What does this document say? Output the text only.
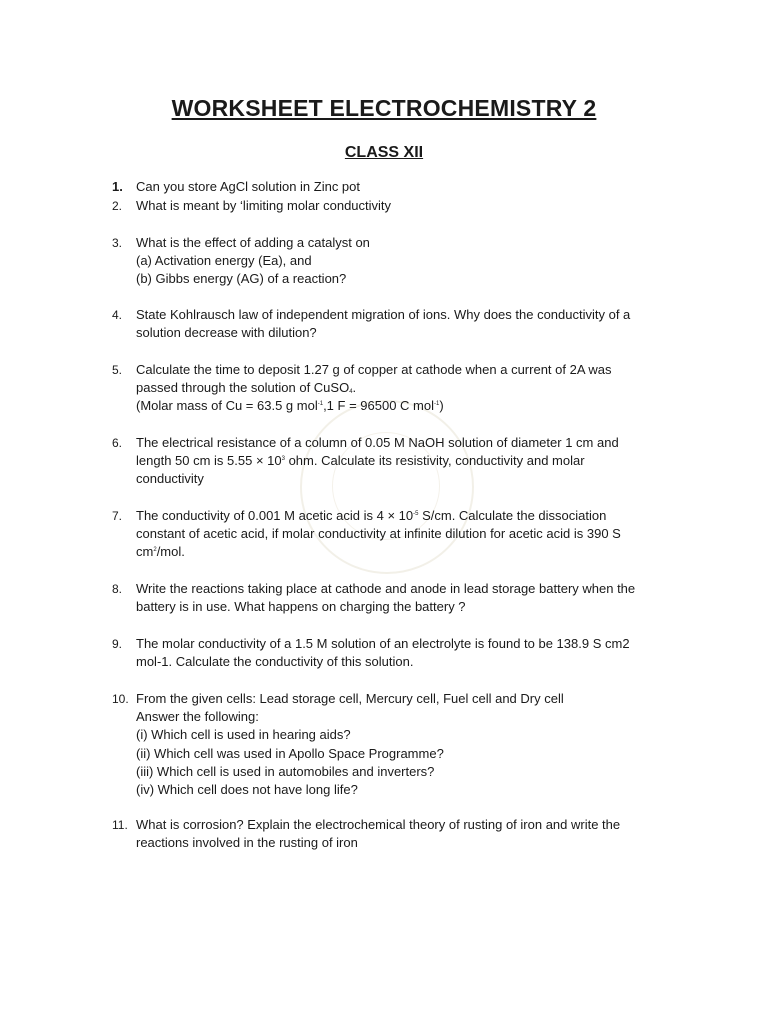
WORKSHEET ELECTROCHEMISTRY 2
CLASS XII
1. Can you store AgCl solution in Zinc pot
2. What is meant by ‘limiting molar conductivity
3. What is the effect of adding a catalyst on
(a) Activation energy (Ea), and
(b) Gibbs energy (AG) of a reaction?
4. State Kohlrausch law of independent migration of ions. Why does the conductivity of a
solution decrease with dilution?
5. Calculate the time to deposit 1.27 g of copper at cathode when a current of 2A was
passed through the solution of CuSO$_4$.
(Molar mass of Cu = 63.5 g mol$^{-1}$,1 F = 96500 C mol$^{-1}$)
6. The electrical resistance of a column of 0.05 M NaOH solution of diameter 1 cm and
length 50 cm is $5.55 \times 10^3$ ohm. Calculate its resistivity, conductivity and molar
conductivity
7. The conductivity of 0.001 M acetic acid is $4 \times 10^{-5}$ S/cm. Calculate the dissociation
constant of acetic acid, if molar conductivity at infinite dilution for acetic acid is 390 S
$cm^2$/mol.
8. Write the reactions taking place at cathode and anode in lead storage battery when the
battery is in use. What happens on charging the battery ?
9. The molar conductivity of a 1.5 M solution of an electrolyte is found to be 138.9 S cm2
mol-1. Calculate the conductivity of this solution.
10. From the given cells: Lead storage cell, Mercury cell, Fuel cell and Dry cell
Answer the following:
(i) Which cell is used in hearing aids?
(ii) Which cell was used in Apollo Space Programme?
(iii) Which cell is used in automobiles and inverters?
(iv) Which cell does not have long life?
11. What is corrosion? Explain the electrochemical theory of rusting of iron and write the
reactions involved in the rusting of iron
